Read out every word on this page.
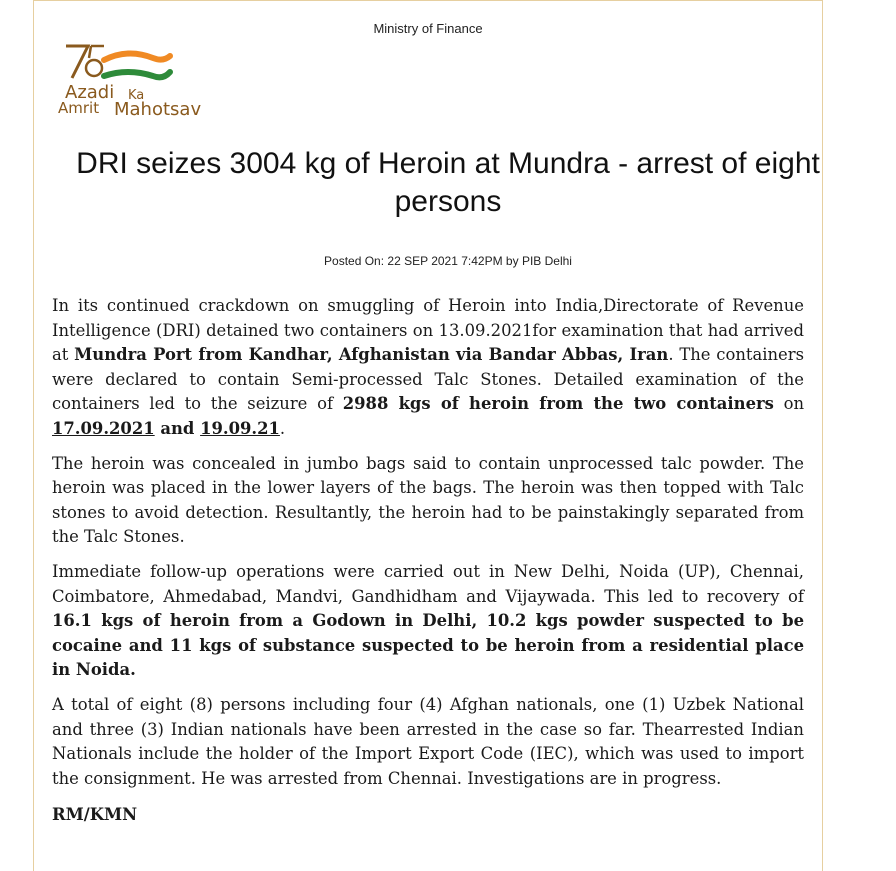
Ministry of Finance
75
Azadi Ka
Amrit Mahotsav
DRI seizes 3004 kg of Heroin at Mundra - arrest of eight persons
Posted On: 22 SEP 2021 7:42PM by PIB Delhi

In its continued crackdown on smuggling of Heroin into India,Directorate of Revenue Intelligence (DRI) detained two containers on 13.09.2021for examination that had arrived at Mundra Port from Kandhar, Afghanistan via Bandar Abbas, Iran. The containers were declared to contain Semi-processed Talc Stones. Detailed examination of the containers led to the seizure of 2988 kgs of heroin from the two containers on 17.09.2021 and 19.09.21.

The heroin was concealed in jumbo bags said to contain unprocessed talc powder. The heroin was placed in the lower layers of the bags. The heroin was then topped with Talc stones to avoid detection. Resultantly, the heroin had to be painstakingly separated from the Talc Stones.

Immediate follow-up operations were carried out in New Delhi, Noida (UP), Chennai, Coimbatore, Ahmedabad, Mandvi, Gandhidham and Vijaywada. This led to recovery of 16.1 kgs of heroin from a Godown in Delhi, 10.2 kgs powder suspected to be cocaine and 11 kgs of substance suspected to be heroin from a residential place in Noida.

A total of eight (8) persons including four (4) Afghan nationals, one (1) Uzbek National and three (3) Indian nationals have been arrested in the case so far. Thearrested Indian Nationals include the holder of the Import Export Code (IEC), which was used to import the consignment. He was arrested from Chennai. Investigations are in progress.

RM/KMN
